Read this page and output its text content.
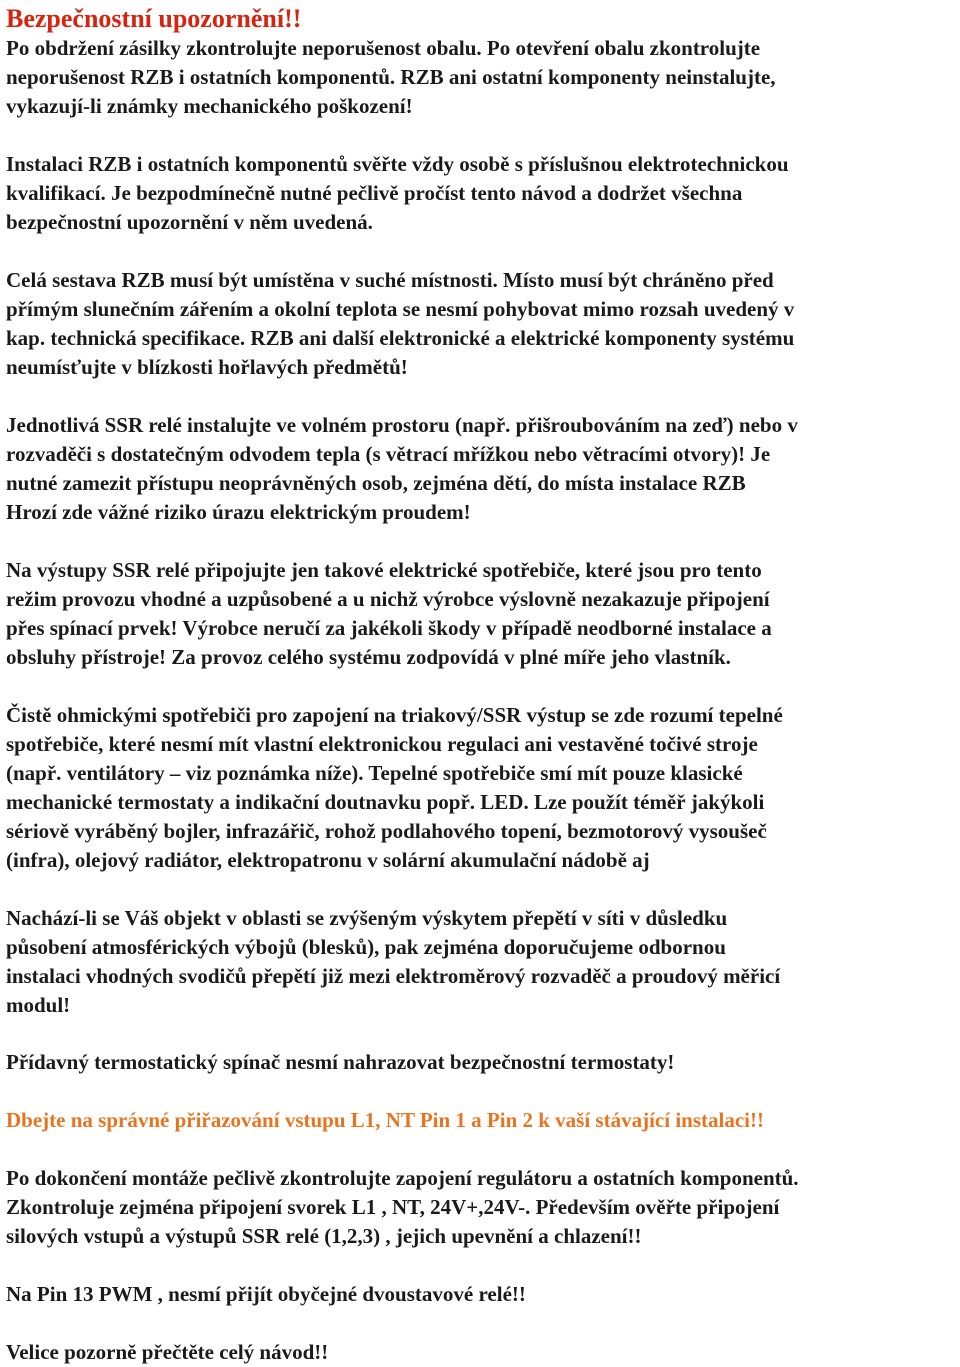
Bezpečnostní upozornění!!

Po obdržení zásilky zkontrolujte neporušenost obalu. Po otevření obalu zkontrolujte
neporušenost RZB i ostatních komponentů. RZB ani ostatní komponenty neinstalujte,
vykazují-li známky mechanického poškození!

Instalaci RZB i ostatních komponentů svěřte vždy osobě s příslušnou elektrotechnickou
kvalifikací. Je bezpodmínečně nutné pečlivě pročíst tento návod a dodržet všechna
bezpečnostní upozornění v něm uvedená.

Celá sestava RZB musí být umístěna v suché místnosti. Místo musí být chráněno před
přímým slunečním zářením a okolní teplota se nesmí pohybovat mimo rozsah uvedený v
kap. technická specifikace. RZB ani další elektronické a elektrické komponenty systému
neumísťujte v blízkosti hořlavých předmětů!

Jednotlivá SSR relé instalujte ve volném prostoru (např. přišroubováním na zeď) nebo v
rozvaděči s dostatečným odvodem tepla (s větrací mřížkou nebo větracími otvory)! Je
nutné zamezit přístupu neoprávněných osob, zejména dětí, do místa instalace RZB
Hrozí zde vážné riziko úrazu elektrickým proudem!

Na výstupy SSR relé připojujte jen takové elektrické spotřebiče, které jsou pro tento
režim provozu vhodné a uzpůsobené a u nichž výrobce výslovně nezakazuje připojení
přes spínací prvek! Výrobce neručí za jakékoli škody v případě neodborné instalace a
obsluhy přístroje! Za provoz celého systému zodpovídá v plné míře jeho vlastník.

Čistě ohmickými spotřebiči pro zapojení na triakový/SSR výstup se zde rozumí tepelné
spotřebiče, které nesmí mít vlastní elektronickou regulaci ani vestavěné točivé stroje
(např. ventilátory – viz poznámka níže). Tepelné spotřebiče smí mít pouze klasické
mechanické termostaty a indikační doutnavku popř. LED. Lze použít téměř jakýkoli
sériově vyráběný bojler, infrazářič, rohož podlahového topení, bezmotorový vysoušeč
(infra), olejový radiátor, elektropatronu v solární akumulační nádobě aj

Nachází-li se Váš objekt v oblasti se zvýšeným výskytem přepětí v síti v důsledku
působení atmosférických výbojů (blesků), pak zejména doporučujeme odbornou
instalaci vhodných svodičů přepětí již mezi elektroměrový rozvaděč a proudový měřicí
modul!

Přídavný termostatický spínač nesmí nahrazovat bezpečnostní termostaty!

Dbejte na správné přiřazování vstupu L1, NT Pin 1 a Pin 2 k vaší stávající instalaci!!

Po dokončení montáže pečlivě zkontrolujte zapojení regulátoru a ostatních komponentů.
Zkontroluje zejména připojení svorek L1 , NT, 24V+,24V-. Především ověřte připojení
silových vstupů a výstupů SSR relé (1,2,3) , jejich upevnění a chlazení!!

Na Pin 13 PWM , nesmí přijít obyčejné dvoustavové relé!!

Velice pozorně přečtěte celý návod!!
